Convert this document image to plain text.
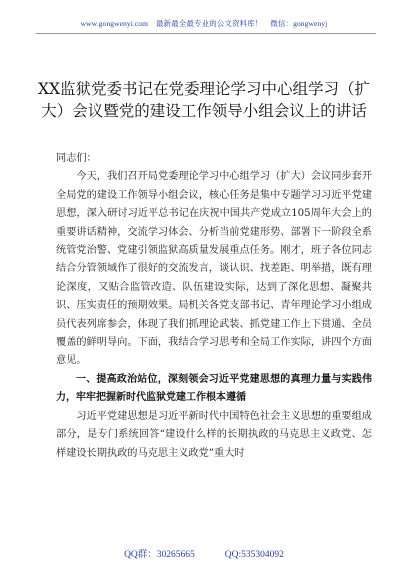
www.gongwenyi.com 最新最全最专业的公文资料库！ 微信：gongwenyj
XX监狱党委书记在党委理论学习中心组学习（扩大）会议暨党的建设工作领导小组会议上的讲话

同志们：

今天，我们召开局党委理论学习中心组学习（扩大）会议同步套开全局党的建设工作领导小组会议，核心任务是集中专题学习习近平党建思想，深入研讨习近平总书记在庆祝中国共产党成立105周年大会上的重要讲话精神，交流学习体会、分析当前党建形势、部署下一阶段全系统管党治警、党建引领监狱高质量发展重点任务。刚才，班子各位同志结合分管领域作了很好的交流发言，谈认识、找差距、明举措，既有理论深度，又贴合监管改造、队伍建设实际，达到了深化思想、凝聚共识、压实责任的预期效果。局机关各党支部书记、青年理论学习小组成员代表列席参会，体现了我们抓理论武装、抓党建工作上下贯通、全员覆盖的鲜明导向。下面，我结合学习思考和全局工作实际，讲四个方面意见。

一、提高政治站位，深刻领会习近平党建思想的真理力量与实践伟力，牢牢把握新时代监狱党建工作根本遵循

习近平党建思想是习近平新时代中国特色社会主义思想的重要组成部分，是专门系统回答“建设什么样的长期执政的马克思主义政党、怎样建设长期执政的马克思主义政党”重大时

QQ群：30265665	QQ:535304092
